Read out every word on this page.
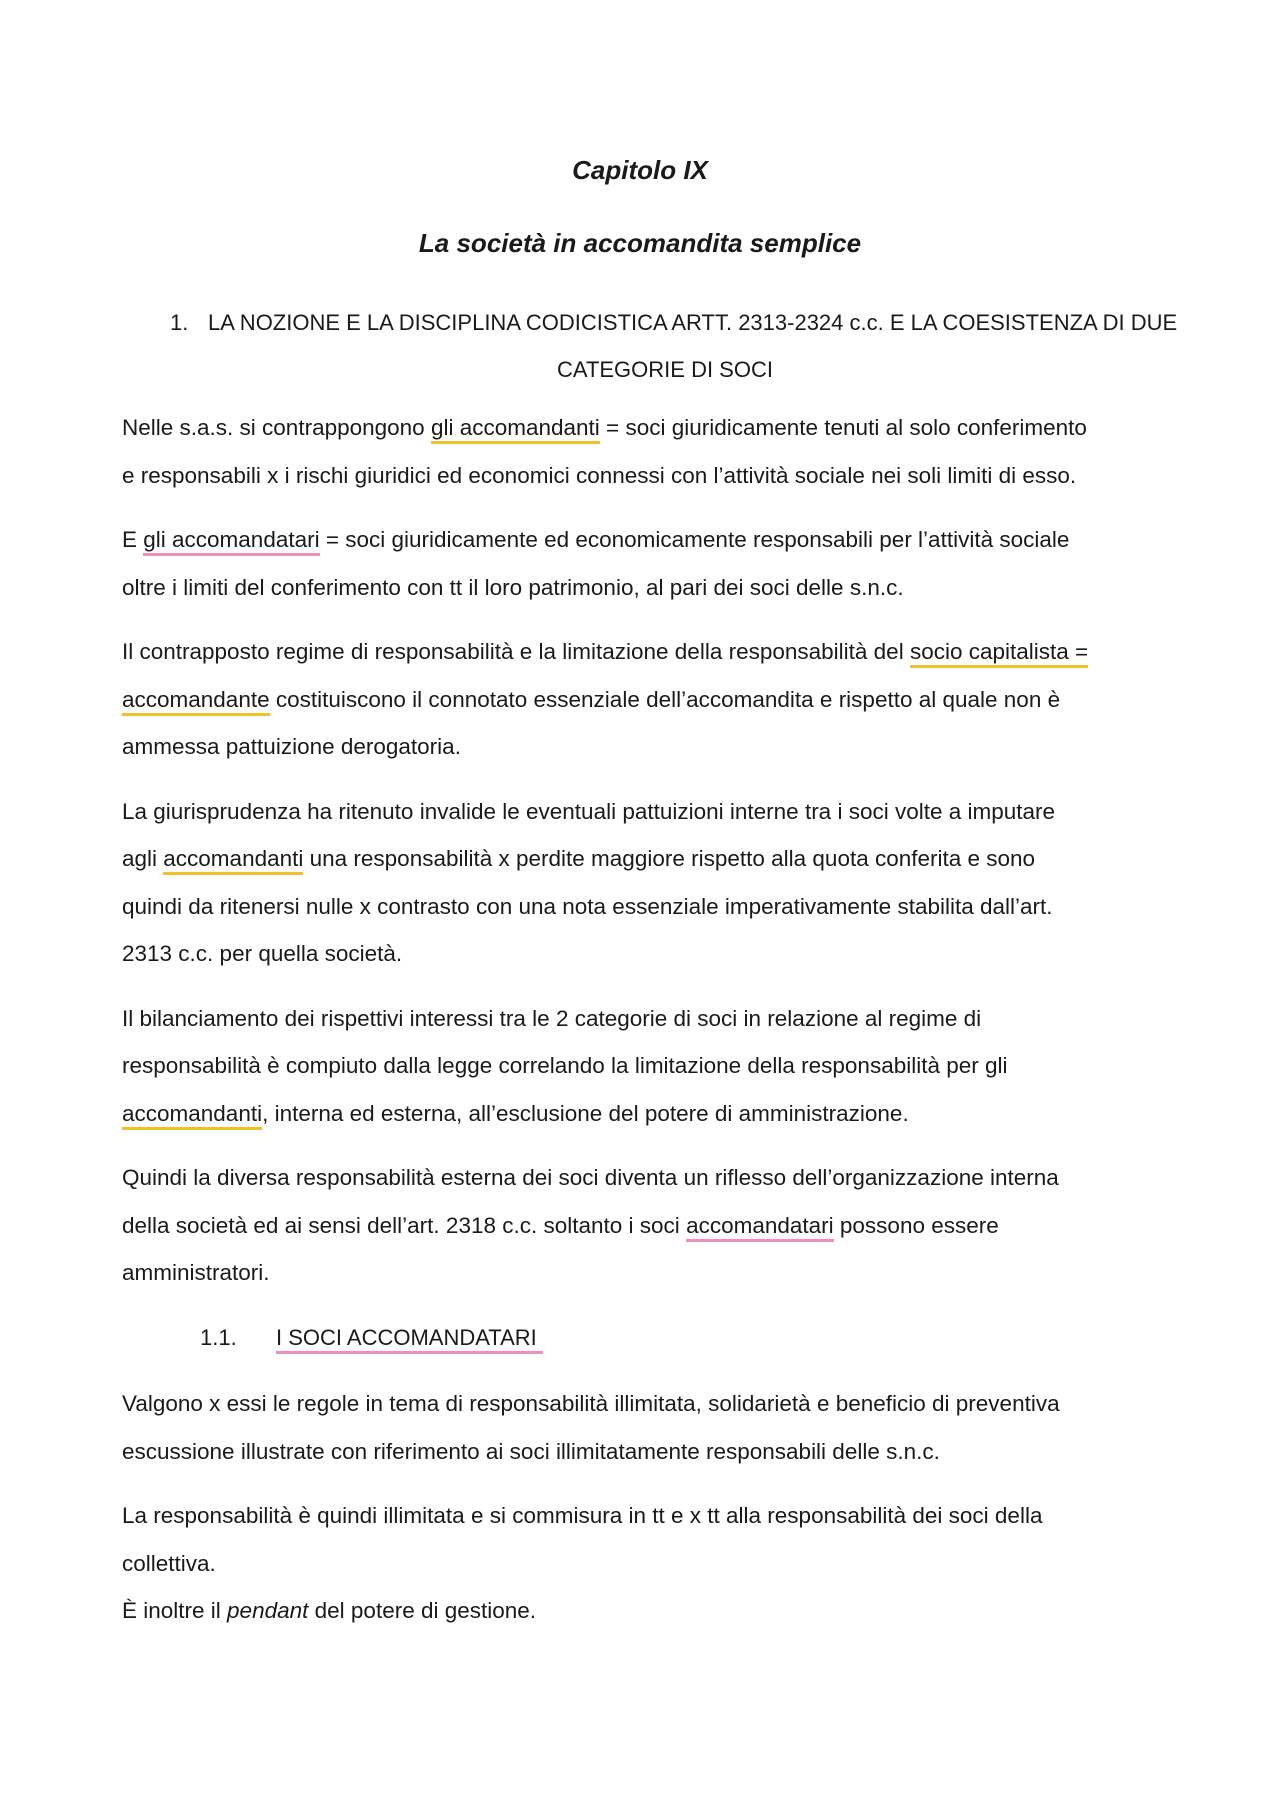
Capitolo IX
La società in accomandita semplice
1. LA NOZIONE E LA DISCIPLINA CODICISTICA ARTT. 2313-2324 c.c. E LA COESISTENZA DI DUE
CATEGORIE DI SOCI
Nelle s.a.s. si contrappongono gli accomandanti = soci giuridicamente tenuti al solo conferimento
e responsabili x i rischi giuridici ed economici connessi con l’attività sociale nei soli limiti di esso.
E gli accomandatari = soci giuridicamente ed economicamente responsabili per l’attività sociale
oltre i limiti del conferimento con tt il loro patrimonio, al pari dei soci delle s.n.c.
Il contrapposto regime di responsabilità e la limitazione della responsabilità del socio capitalista =
accomandante costituiscono il connotato essenziale dell’accomandita e rispetto al quale non è
ammessa pattuizione derogatoria.
La giurisprudenza ha ritenuto invalide le eventuali pattuizioni interne tra i soci volte a imputare
agli accomandanti una responsabilità x perdite maggiore rispetto alla quota conferita e sono
quindi da ritenersi nulle x contrasto con una nota essenziale imperativamente stabilita dall’art.
2313 c.c. per quella società.
Il bilanciamento dei rispettivi interessi tra le 2 categorie di soci in relazione al regime di
responsabilità è compiuto dalla legge correlando la limitazione della responsabilità per gli
accomandanti, interna ed esterna, all’esclusione del potere di amministrazione.
Quindi la diversa responsabilità esterna dei soci diventa un riflesso dell’organizzazione interna
della società ed ai sensi dell’art. 2318 c.c. soltanto i soci accomandatari possono essere
amministratori.
1.1. I SOCI ACCOMANDATARI
Valgono x essi le regole in tema di responsabilità illimitata, solidarietà e beneficio di preventiva
escussione illustrate con riferimento ai soci illimitatamente responsabili delle s.n.c.
La responsabilità è quindi illimitata e si commisura in tt e x tt alla responsabilità dei soci della
collettiva.
È inoltre il pendant del potere di gestione.
